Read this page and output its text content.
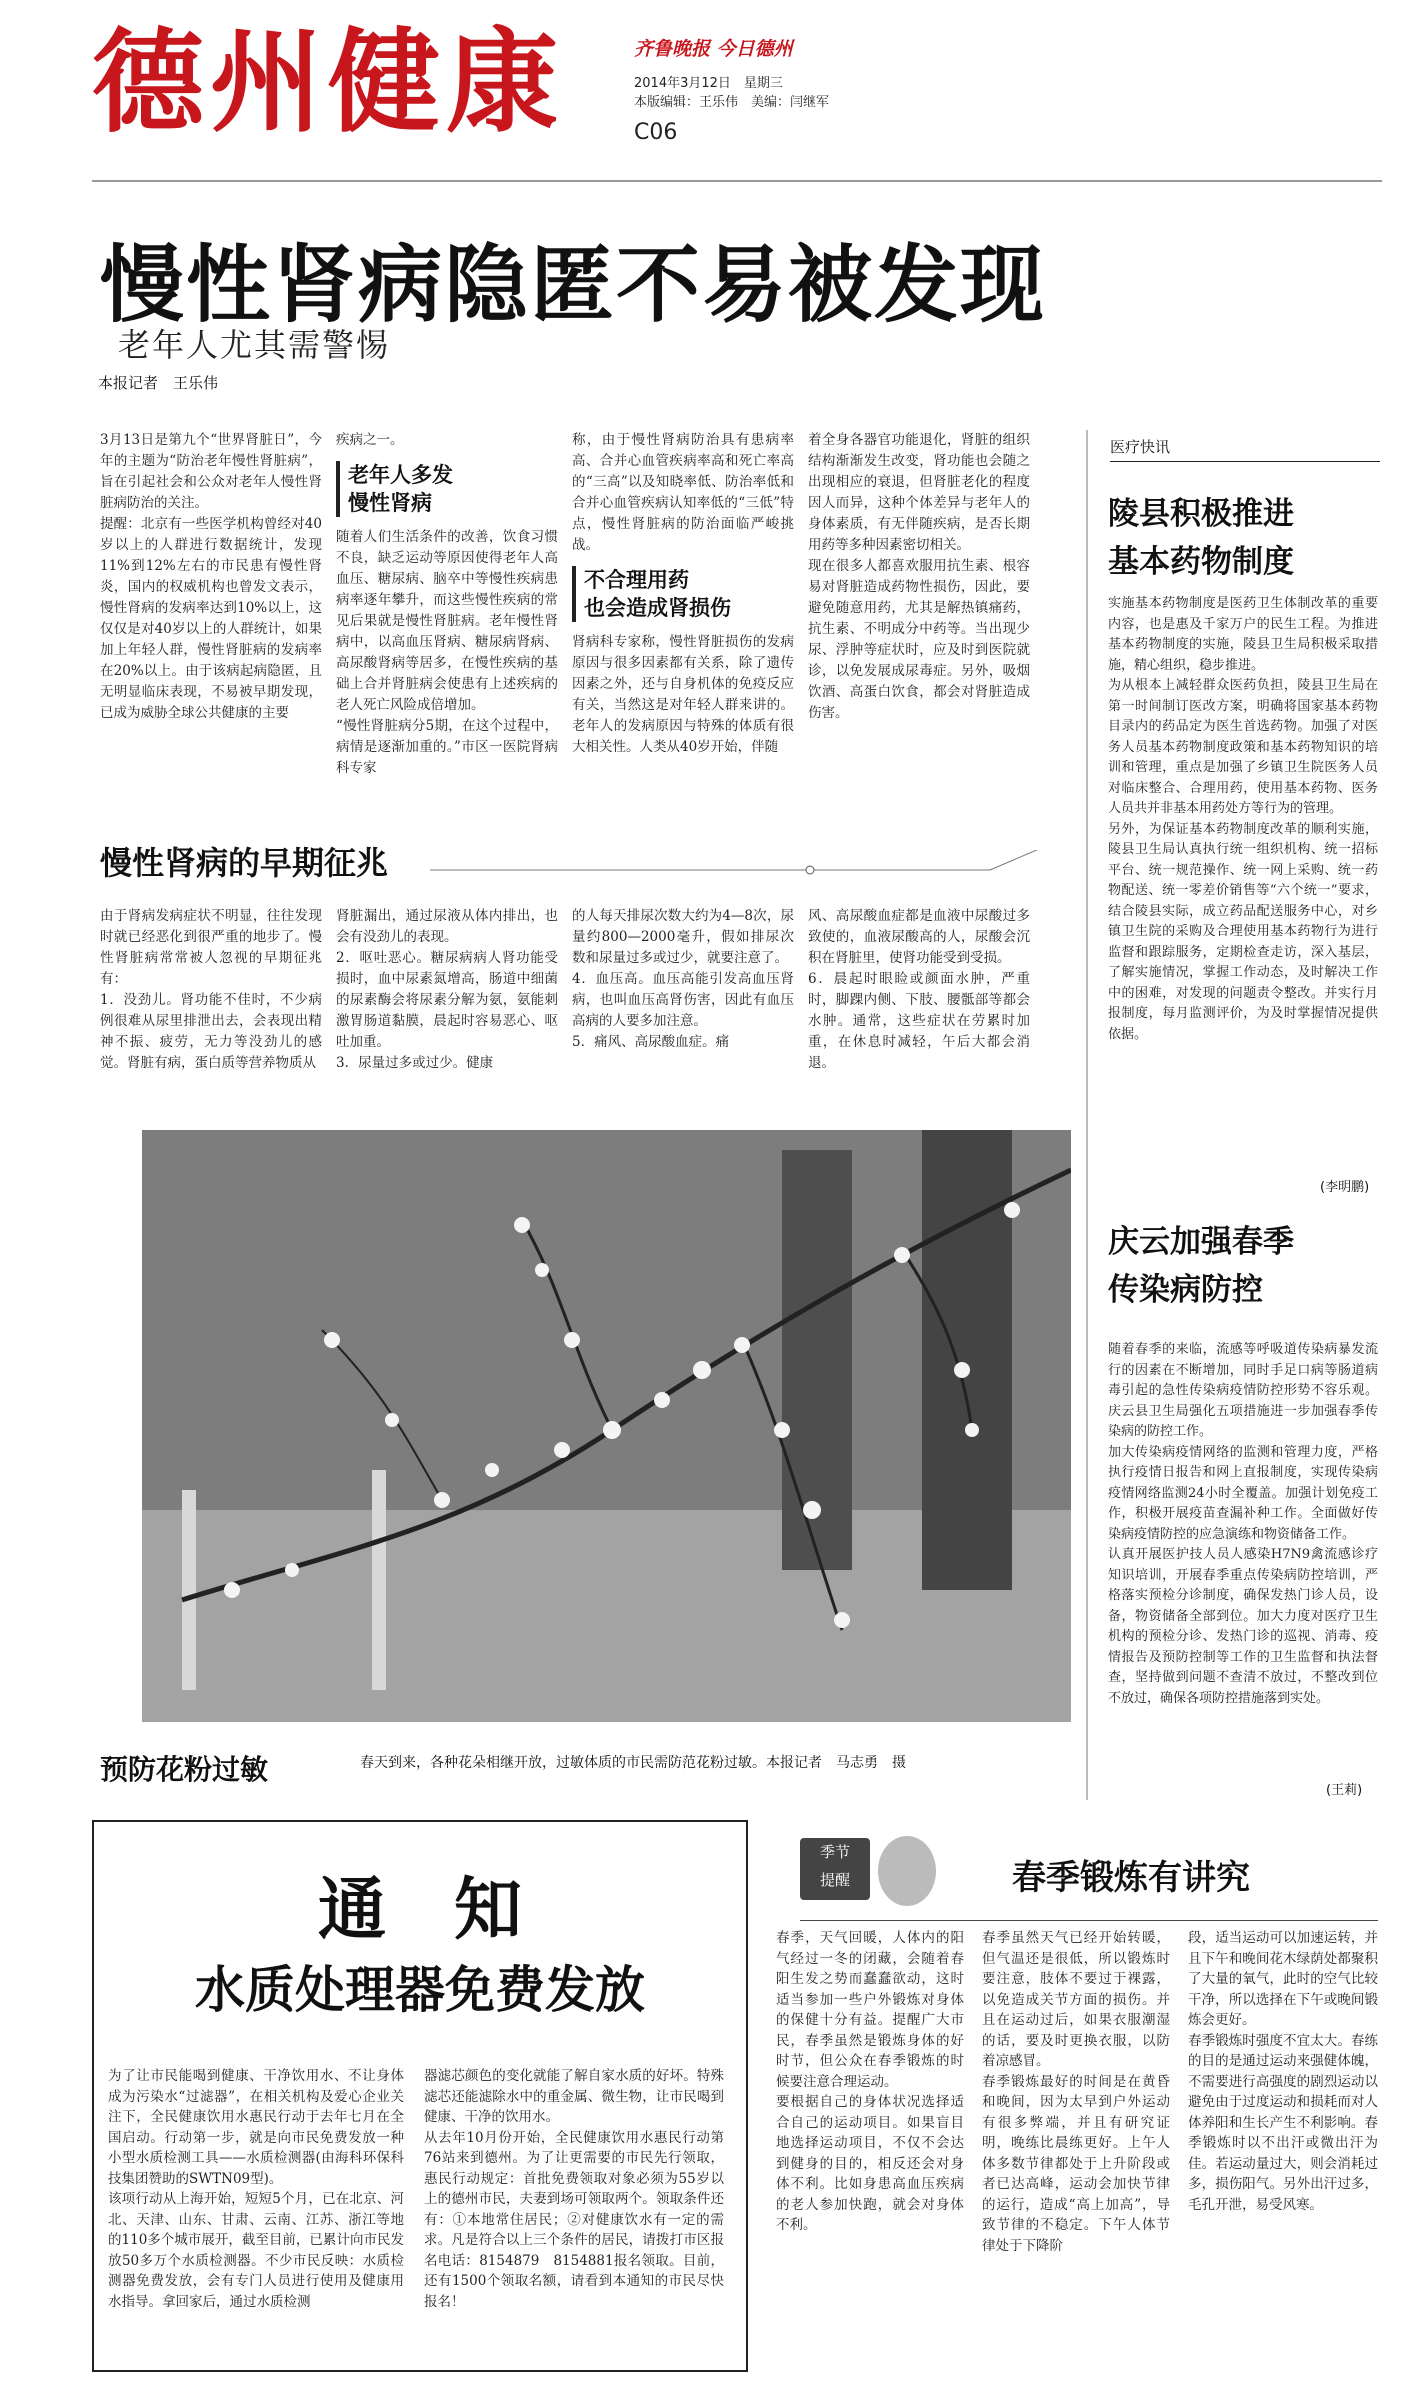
德州健康	齐鲁晚报 今日德州
2014年3月12日　星期三
本版编辑：王乐伟　美编：闫继军
C06
慢性肾病隐匿不易被发现
老年人尤其需警惕
本报记者　王乐伟
3月13日是第九个“世界肾脏日”，今年的主题为“防治老年慢性肾脏病”，旨在引起社会和公众对老年人慢性肾脏病防治的关注。
提醒：北京有一些医学机构曾经对40岁以上的人群进行数据统计，发现11%到12%左右的市民患有慢性肾炎，国内的权威机构也曾发文表示，慢性肾病的发病率达到10%以上，这仅仅是对40岁以上的人群统计，如果加上年轻人群，慢性肾脏病的发病率在20%以上。由于该病起病隐匿，且无明显临床表现，不易被早期发现，已成为威胁全球公共健康的主要
疾病之一。
老年人多发
慢性肾病
随着人们生活条件的改善，饮食习惯不良，缺乏运动等原因使得老年人高血压、糖尿病、脑卒中等慢性疾病患病率逐年攀升，而这些慢性疾病的常见后果就是慢性肾脏病。老年慢性肾病中，以高血压肾病、糖尿病肾病、高尿酸肾病等居多，在慢性疾病的基础上合并肾脏病会使患有上述疾病的老人死亡风险成倍增加。
“慢性肾脏病分5期，在这个过程中，病情是逐渐加重的。”市区一医院肾病科专家
称，由于慢性肾病防治具有患病率高、合并心血管疾病率高和死亡率高的“三高”以及知晓率低、防治率低和合并心血管疾病认知率低的“三低”特点，慢性肾脏病的防治面临严峻挑战。
不合理用药
也会造成肾损伤
肾病科专家称，慢性肾脏损伤的发病原因与很多因素都有关系，除了遗传因素之外，还与自身机体的免疫反应有关，当然这是对年轻人群来讲的。老年人的发病原因与特殊的体质有很大相关性。人类从40岁开始，伴随
着全身各器官功能退化，肾脏的组织结构渐渐发生改变，肾功能也会随之出现相应的衰退，但肾脏老化的程度因人而异，这种个体差异与老年人的身体素质，有无伴随疾病，是否长期用药等多种因素密切相关。
现在很多人都喜欢服用抗生素、根容易对肾脏造成药物性损伤，因此，要避免随意用药，尤其是解热镇痛药，抗生素、不明成分中药等。当出现少尿、浮肿等症状时，应及时到医院就诊，以免发展成尿毒症。另外，吸烟饮酒、高蛋白饮食，都会对肾脏造成伤害。
慢性肾病的早期征兆
由于肾病发病症状不明显，往往发现时就已经恶化到很严重的地步了。慢性肾脏病常常被人忽视的早期征兆有：
1．没劲儿。肾功能不佳时，不少病例很难从尿里排泄出去，会表现出精神不振、疲劳，无力等没劲儿的感觉。肾脏有病，蛋白质等营养物质从
肾脏漏出，通过尿液从体内排出，也会有没劲儿的表现。
2．呕吐恶心。糖尿病病人肾功能受损时，血中尿素氮增高，肠道中细菌的尿素酶会将尿素分解为氨，氨能刺激胃肠道黏膜，晨起时容易恶心、呕吐加重。
3．尿量过多或过少。健康
的人每天排尿次数大约为4—8次，尿量约800—2000毫升，假如排尿次数和尿量过多或过少，就要注意了。
4．血压高。血压高能引发高血压肾病，也叫血压高肾伤害，因此有血压高病的人要多加注意。
5．痛风、高尿酸血症。痛
风、高尿酸血症都是血液中尿酸过多致使的，血液尿酸高的人，尿酸会沉积在肾脏里，使肾功能受到受损。
6．晨起时眼睑或颜面水肿，严重时，脚踝内侧、下肢、腰骶部等都会水肿。通常，这些症状在劳累时加重，在休息时减轻，午后大都会消退。
预防花粉过敏	春天到来，各种花朵相继开放，过敏体质的市民需防范花粉过敏。本报记者　马志勇　摄
医疗快讯
陵县积极推进
基本药物制度
实施基本药物制度是医药卫生体制改革的重要内容，也是惠及千家万户的民生工程。为推进基本药物制度的实施，陵县卫生局积极采取措施，精心组织，稳步推进。
为从根本上减轻群众医药负担，陵县卫生局在第一时间制订医改方案，明确将国家基本药物目录内的药品定为医生首选药物。加强了对医务人员基本药物制度政策和基本药物知识的培训和管理，重点是加强了乡镇卫生院医务人员对临床整合、合理用药，使用基本药物、医务人员共并非基本用药处方等行为的管理。
另外，为保证基本药物制度改革的顺利实施，陵县卫生局认真执行统一组织机构、统一招标平台、统一规范操作、统一网上采购、统一药物配送、统一零差价销售等“六个统一”要求，结合陵县实际，成立药品配送服务中心，对乡镇卫生院的采购及合理使用基本药物行为进行监督和跟踪服务，定期检查走访，深入基层，了解实施情况，掌握工作动态，及时解决工作中的困难，对发现的问题责令整改。并实行月报制度，每月监测评价，为及时掌握情况提供依据。
(李明鹏)
庆云加强春季
传染病防控
随着春季的来临，流感等呼吸道传染病暴发流行的因素在不断增加，同时手足口病等肠道病毒引起的急性传染病疫情防控形势不容乐观。庆云县卫生局强化五项措施进一步加强春季传染病的防控工作。
加大传染病疫情网络的监测和管理力度，严格执行疫情日报告和网上直报制度，实现传染病疫情网络监测24小时全覆盖。加强计划免疫工作，积极开展疫苗查漏补种工作。全面做好传染病疫情防控的应急演练和物资储备工作。
认真开展医护技人员人感染H7N9禽流感诊疗知识培训，开展春季重点传染病防控培训，严格落实预检分诊制度，确保发热门诊人员，设备，物资储备全部到位。加大力度对医疗卫生机构的预检分诊、发热门诊的巡视、消毒、疫情报告及预防控制等工作的卫生监督和执法督查，坚持做到问题不查清不放过，不整改到位不放过，确保各项防控措施落到实处。
(王莉)
通　知
水质处理器免费发放
为了让市民能喝到健康、干净饮用水、不让身体成为污染水“过滤器”，在相关机构及爱心企业关注下，全民健康饮用水惠民行动于去年七月在全国启动。行动第一步，就是向市民免费发放一种小型水质检测工具——水质检测器(由海科环保科技集团赞助的SWTN09型)。
该项行动从上海开始，短短5个月，已在北京、河北、天津、山东、甘肃、云南、江苏、浙江等地的110多个城市展开，截至目前，已累计向市民发放50多万个水质检测器。不少市民反映：水质检测器免费发放，会有专门人员进行使用及健康用水指导。拿回家后，通过水质检测
器滤芯颜色的变化就能了解自家水质的好坏。特殊滤芯还能滤除水中的重金属、微生物，让市民喝到健康、干净的饮用水。
从去年10月份开始，全民健康饮用水惠民行动第76站来到德州。为了让更需要的市民先行领取，惠民行动规定：首批免费领取对象必须为55岁以上的德州市民，夫妻到场可领取两个。领取条件还有：①本地常住居民；②对健康饮水有一定的需求。凡是符合以上三个条件的居民，请拨打市区报名电话：8154879　8154881报名领取。目前，还有1500个领取名额，请看到本通知的市民尽快报名！
季节
提醒	春季锻炼有讲究
春季，天气回暖，人体内的阳气经过一冬的闭藏，会随着春阳生发之势而蠢蠢欲动，这时适当参加一些户外锻炼对身体的保健十分有益。提醒广大市民，春季虽然是锻炼身体的好时节，但公众在春季锻炼的时候要注意合理运动。
要根据自己的身体状况选择适合自己的运动项目。如果盲目地选择运动项目，不仅不会达到健身的目的，相反还会对身体不利。比如身患高血压疾病的老人参加快跑，就会对身体不利。
春季虽然天气已经开始转暖，但气温还是很低，所以锻炼时要注意，肢体不要过于裸露，以免造成关节方面的损伤。并且在运动过后，如果衣服潮湿的话，要及时更换衣服，以防着凉感冒。
春季锻炼最好的时间是在黄昏和晚间，因为太早到户外运动有很多弊端，并且有研究证明，晚练比晨练更好。上午人体多数节律都处于上升阶段或者已达高峰，运动会加快节律的运行，造成“高上加高”，导致节律的不稳定。下午人体节律处于下降阶
段，适当运动可以加速运转，并且下午和晚间花木绿荫处都聚积了大量的氧气，此时的空气比较干净，所以选择在下午或晚间锻炼会更好。
春季锻炼时强度不宜太大。春练的目的是通过运动来强健体魄，不需要进行高强度的剧烈运动以避免由于过度运动和损耗而对人体养阳和生长产生不利影响。春季锻炼时以不出汗或微出汗为佳。若运动量过大，则会消耗过多，损伤阳气。另外出汗过多，毛孔开泄，易受风寒。
